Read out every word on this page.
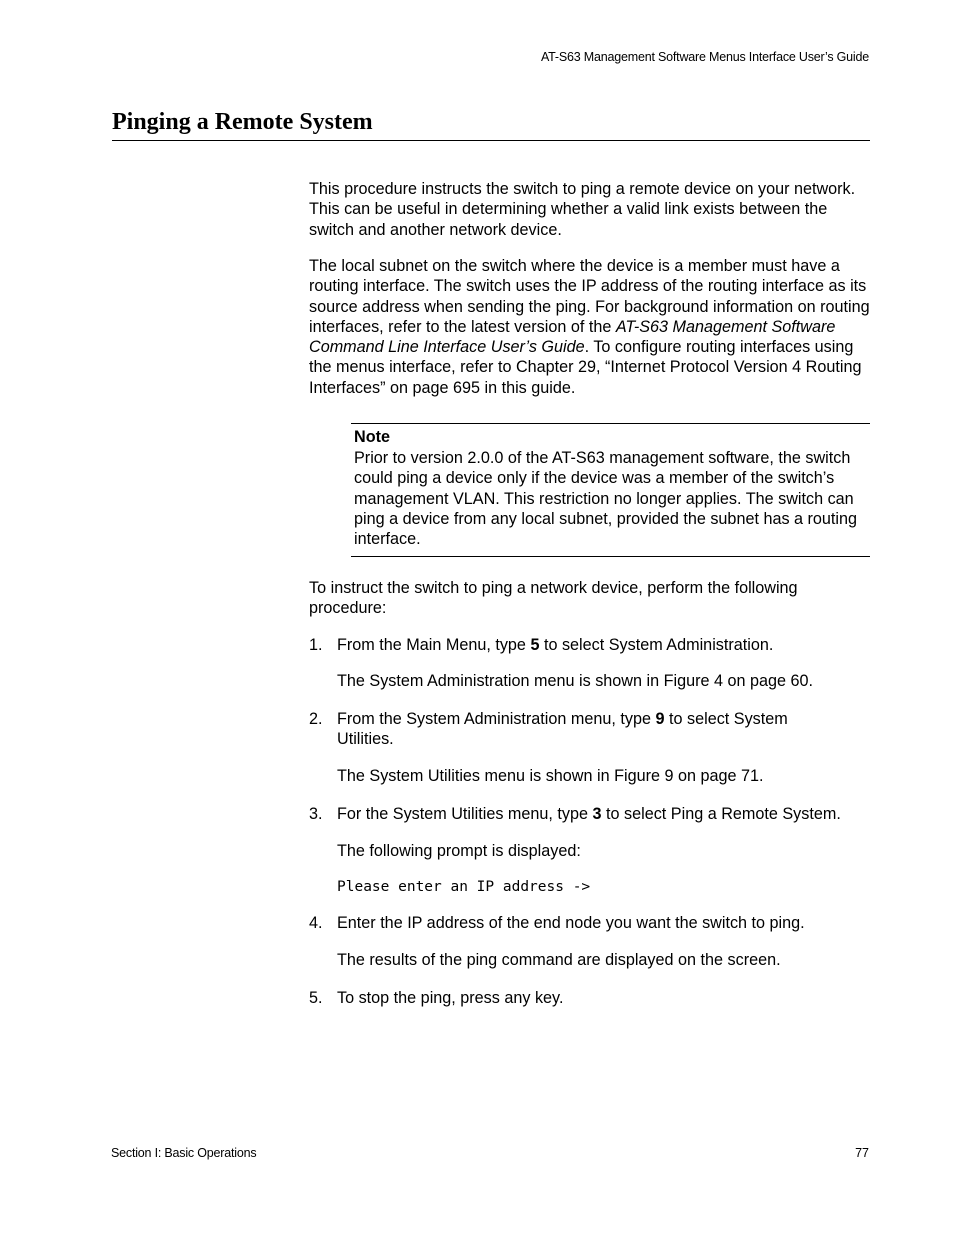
AT-S63 Management Software Menus Interface User’s Guide
Pinging a Remote System

This procedure instructs the switch to ping a remote device on your network. This can be useful in determining whether a valid link exists between the switch and another network device.

The local subnet on the switch where the device is a member must have a routing interface. The switch uses the IP address of the routing interface as its source address when sending the ping. For background information on routing interfaces, refer to the latest version of the AT-S63 Management Software Command Line Interface User’s Guide. To configure routing interfaces using the menus interface, refer to Chapter 29, “Internet Protocol Version 4 Routing Interfaces” on page 695 in this guide.

Note

Prior to version 2.0.0 of the AT-S63 management software, the switch could ping a device only if the device was a member of the switch’s management VLAN. This restriction no longer applies. The switch can ping a device from any local subnet, provided the subnet has a routing interface.

To instruct the switch to ping a network device, perform the following procedure:

1. From the Main Menu, type 5 to select System Administration.

The System Administration menu is shown in Figure 4 on page 60.

2. From the System Administration menu, type 9 to select System Utilities.

The System Utilities menu is shown in Figure 9 on page 71.

3. For the System Utilities menu, type 3 to select Ping a Remote System.

The following prompt is displayed:

Please enter an IP address ->

4. Enter the IP address of the end node you want the switch to ping.

The results of the ping command are displayed on the screen.

5. To stop the ping, press any key.
Section I: Basic Operations	77
